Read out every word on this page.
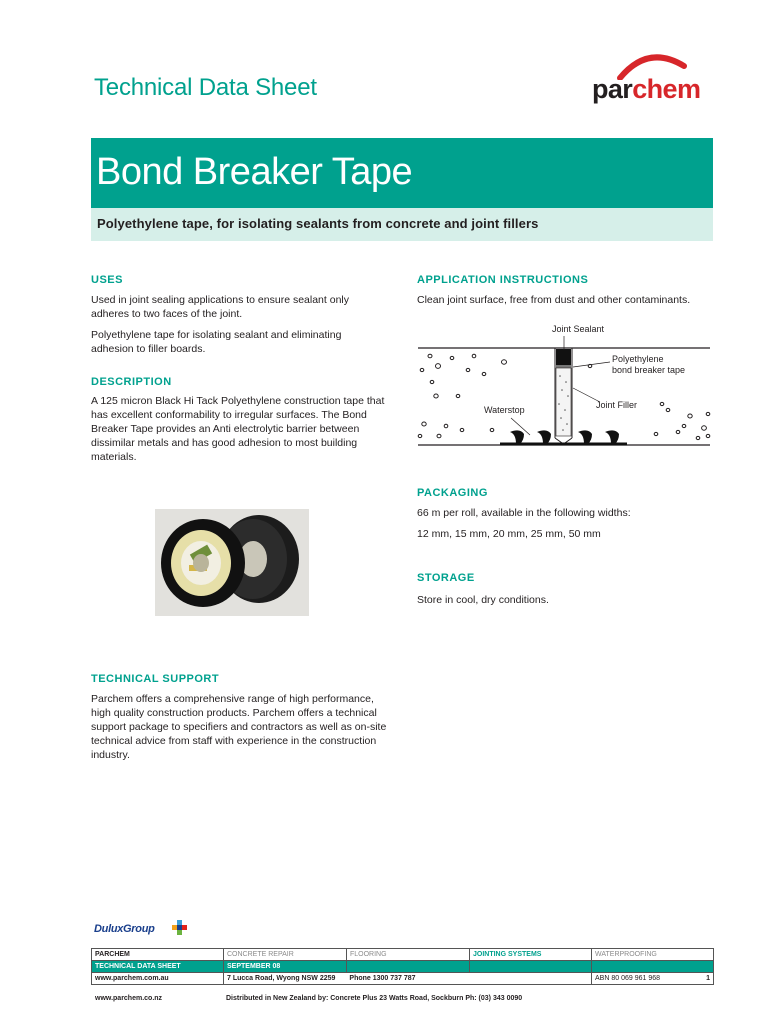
Technical Data Sheet	parchem
Bond Breaker Tape
Polyethylene tape, for isolating sealants from concrete and joint fillers
USES
Used in joint sealing applications to ensure sealant only adheres to two faces of the joint.
Polyethylene tape for isolating sealant and eliminating adhesion to filler boards.
DESCRIPTION
A 125 micron Black Hi Tack Polyethylene construction tape that has excellent conformability to irregular surfaces. The Bond Breaker Tape provides an Anti electrolytic barrier between dissimilar metals and has good adhesion to most building materials.
TECHNICAL SUPPORT
Parchem offers a comprehensive range of high performance, high quality construction products. Parchem offers a technical support package to specifiers and contractors as well as on-site technical advice from staff with experience in the construction industry.
APPLICATION INSTRUCTIONS
Clean joint surface, free from dust and other contaminants.
Joint Sealant
Polyethylene
bond breaker tape
Joint Filler
Waterstop
PACKAGING
66 m per roll, available in the following widths:
12 mm, 15 mm, 20 mm, 25 mm, 50 mm
STORAGE
Store in cool, dry conditions.
DuluxGroup
PARCHEM	CONCRETE REPAIR	FLOORING	JOINTING SYSTEMS	WATERPROOFING
TECHNICAL DATA SHEET	SEPTEMBER 08			
www.parchem.com.au	7 Lucca Road, Wyong NSW 2259 Phone 1300 737 787			ABN 80 069 961 968 1
www.parchem.co.nz	Distributed in New Zealand by: Concrete Plus 23 Watts Road, Sockburn Ph: (03) 343 0090
